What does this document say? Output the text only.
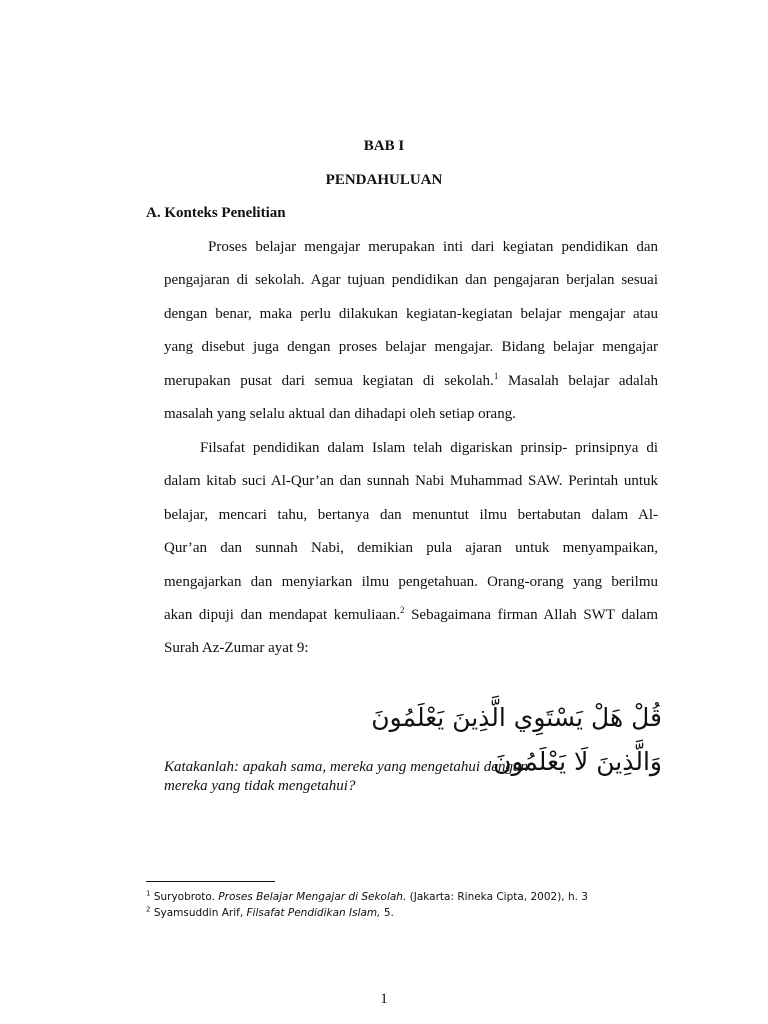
BAB I
PENDAHULUAN
A. Konteks Penelitian
Proses belajar mengajar merupakan inti dari kegiatan pendidikan dan
pengajaran di sekolah. Agar tujuan pendidikan dan pengajaran berjalan sesuai
dengan benar, maka perlu dilakukan kegiatan-kegiatan belajar mengajar atau
yang disebut juga dengan proses belajar mengajar. Bidang belajar mengajar
merupakan pusat dari semua kegiatan di sekolah.$^1$ Masalah belajar adalah
masalah yang selalu aktual dan dihadapi oleh setiap orang.
Filsafat pendidikan dalam Islam telah digariskan prinsip- prinsipnya di
dalam kitab suci Al-Qur’an dan sunnah Nabi Muhammad SAW. Perintah untuk
belajar, mencari tahu, bertanya dan menuntut ilmu bertabutan dalam Al-
Qur’an dan sunnah Nabi, demikian pula ajaran untuk menyampaikan,
mengajarkan dan menyiarkan ilmu pengetahuan. Orang-orang yang berilmu
akan dipuji dan mendapat kemuliaan.$^2$ Sebagaimana firman Allah SWT dalam
Surah Az-Zumar ayat 9:
قُلْ هَلْ يَسْتَوِي الَّذِينَ يَعْلَمُونَ وَالَّذِينَ لَا يَعْلَمُونَ
Katakanlah: apakah sama, mereka yang mengetahui dengan
mereka yang tidak mengetahui?
$^1$ Suryobroto. Proses Belajar Mengajar di Sekolah. (Jakarta: Rineka Cipta, 2002), h. 3
$^2$ Syamsuddin Arif, Filsafat Pendidikan Islam, 5.
1
